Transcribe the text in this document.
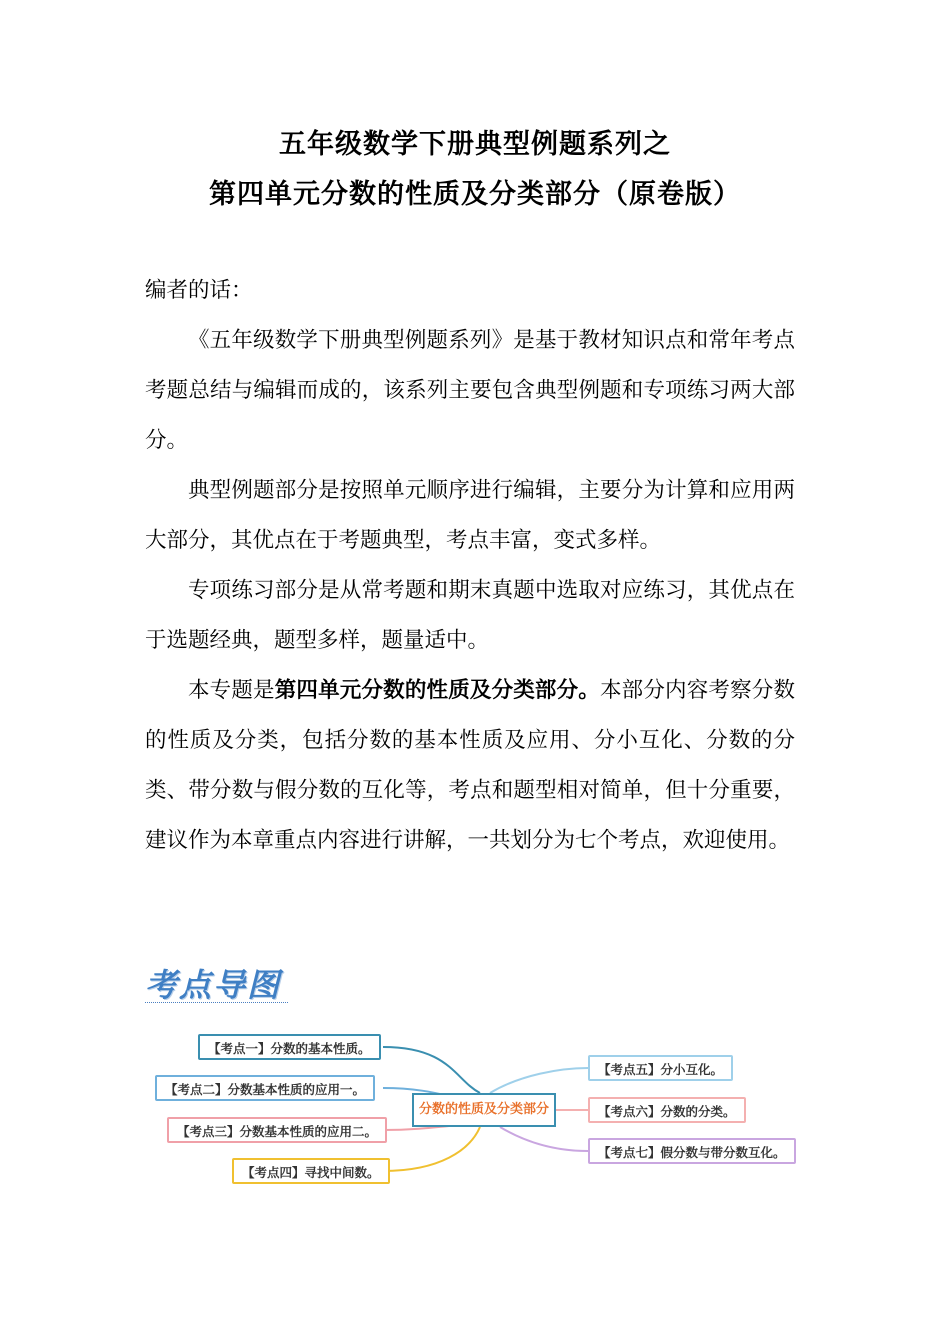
五年级数学下册典型例题系列之
第四单元分数的性质及分类部分（原卷版）
编者的话：
《五年级数学下册典型例题系列》是基于教材知识点和常年考点考题总结与编辑而成的，该系列主要包含典型例题和专项练习两大部分。
典型例题部分是按照单元顺序进行编辑，主要分为计算和应用两大部分，其优点在于考题典型，考点丰富，变式多样。
专项练习部分是从常考题和期末真题中选取对应练习，其优点在于选题经典，题型多样，题量适中。
本专题是第四单元分数的性质及分类部分。本部分内容考察分数的性质及分类，包括分数的基本性质及应用、分小互化、分数的分类、带分数与假分数的互化等，考点和题型相对简单，但十分重要，建议作为本章重点内容进行讲解，一共划分为七个考点，欢迎使用。
考点导图
分数的性质及分类部分
【考点一】分数的基本性质。
【考点二】分数基本性质的应用一。
【考点三】分数基本性质的应用二。
【考点四】寻找中间数。
【考点五】分小互化。
【考点六】分数的分类。
【考点七】假分数与带分数互化。
